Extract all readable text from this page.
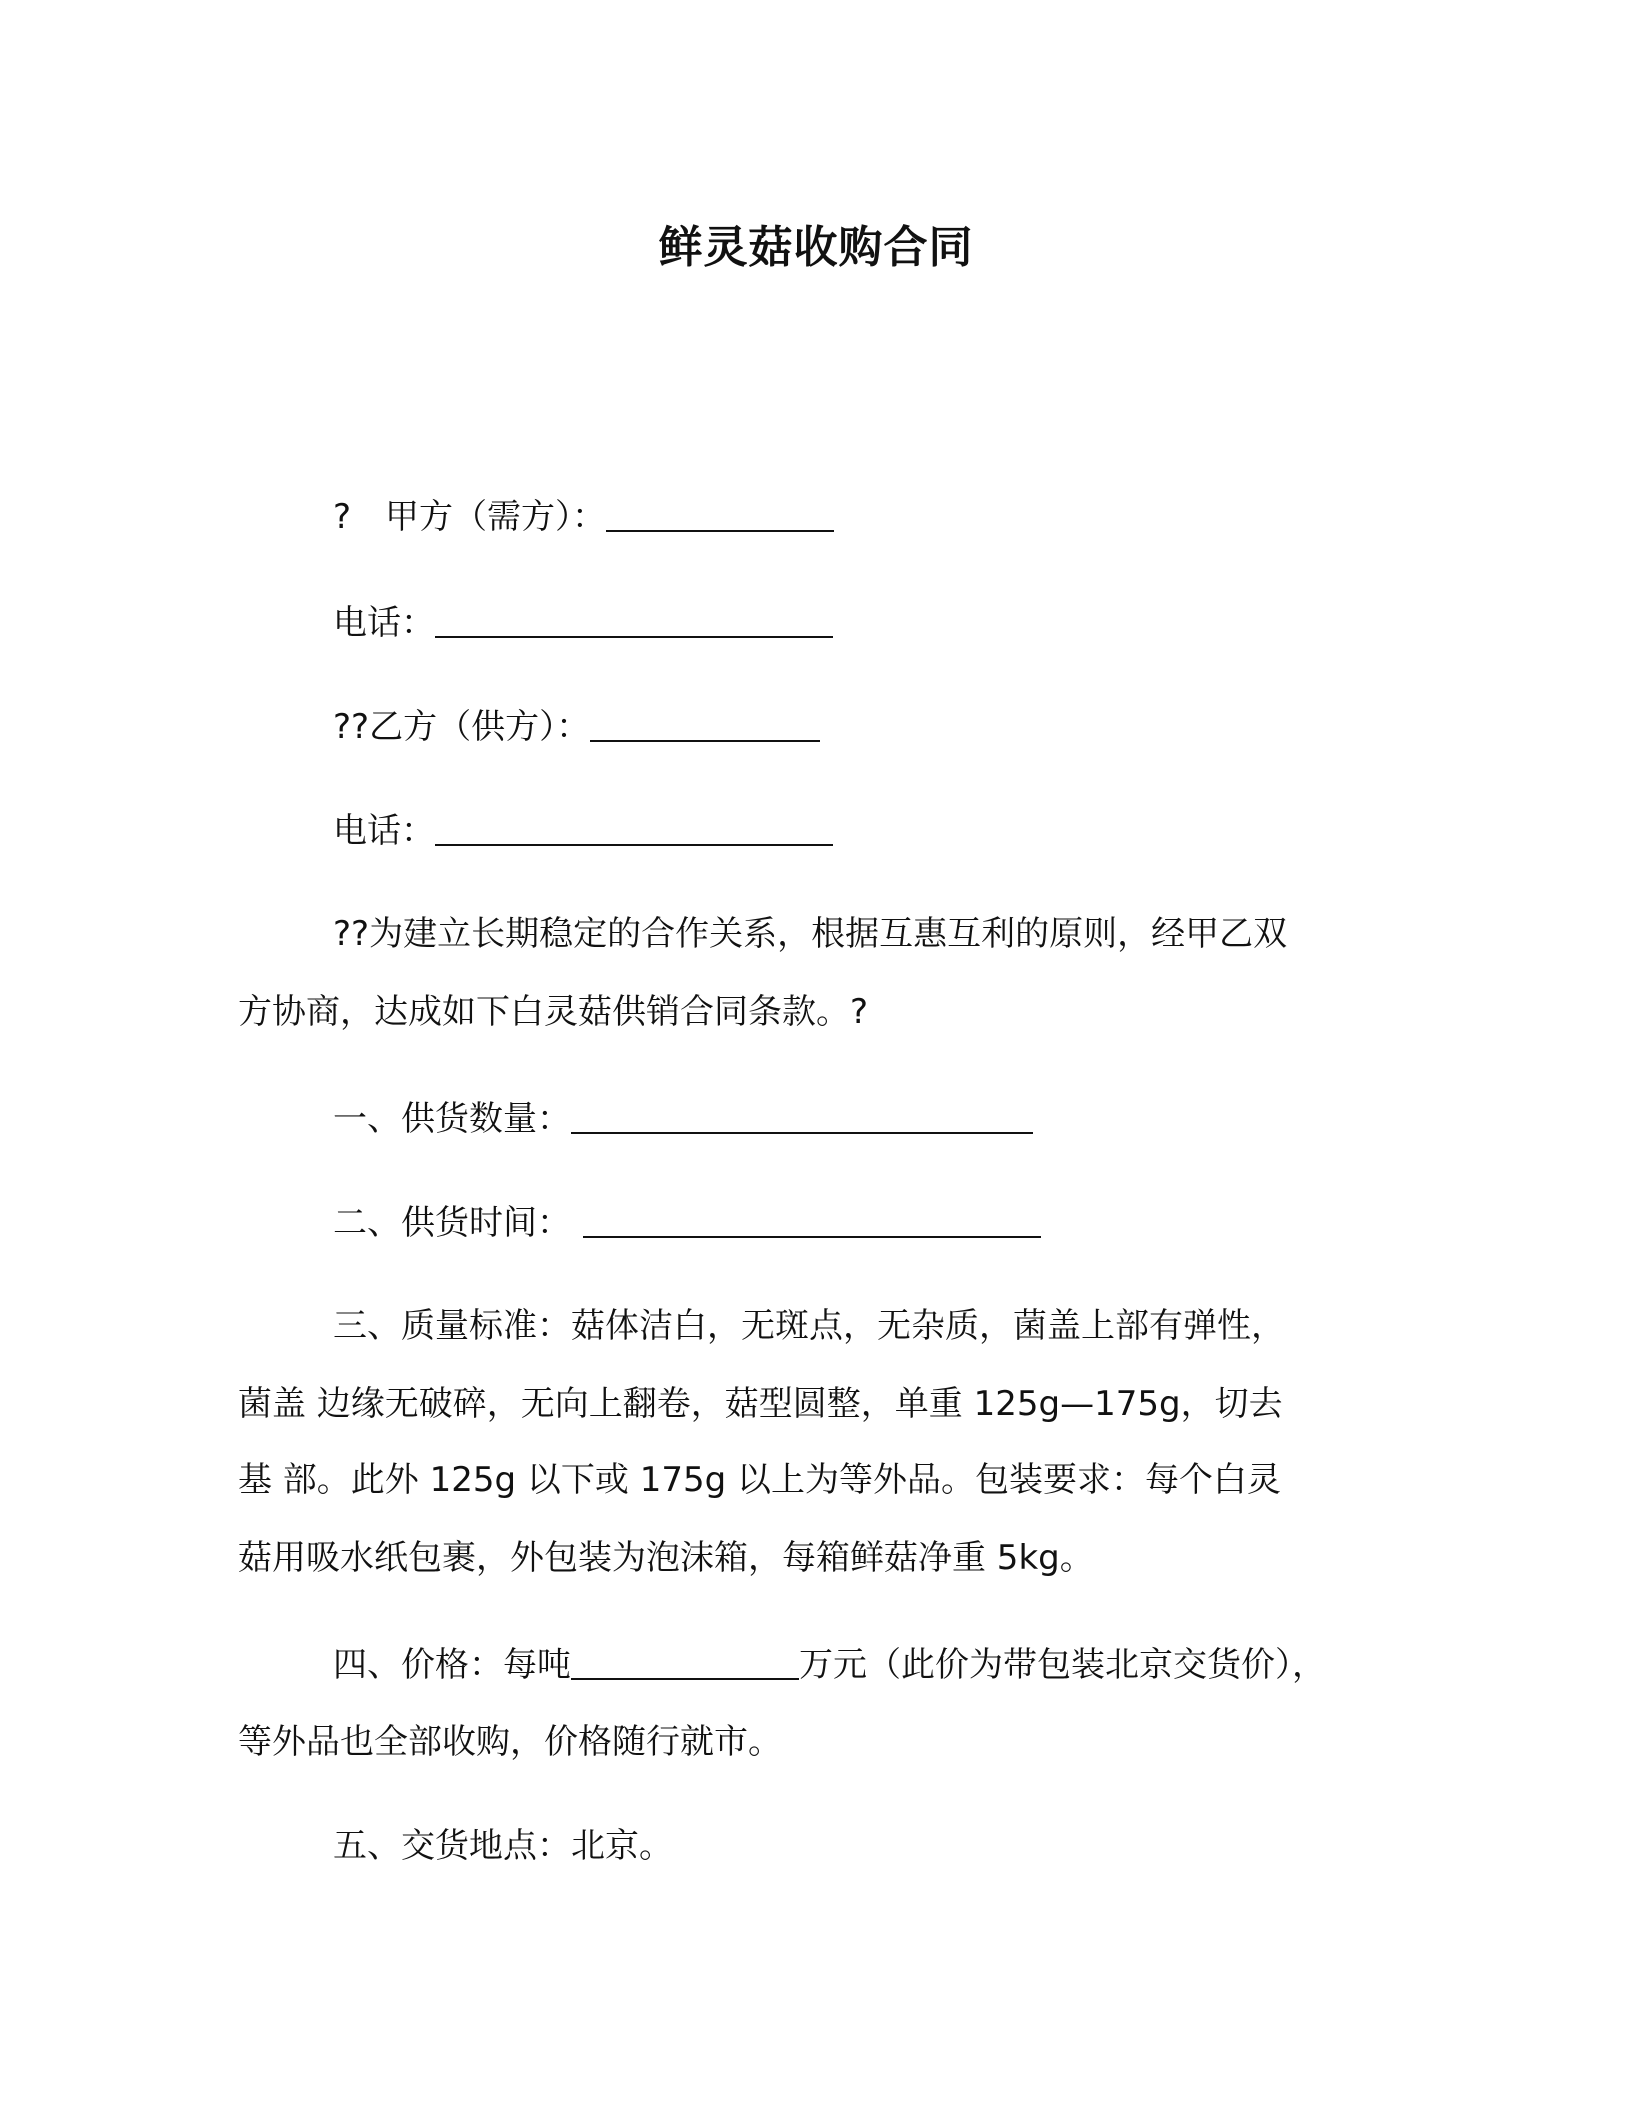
鲜灵菇收购合同
?　甲方（需方）：
电话：
??乙方（供方）：
电话：
??为建立长期稳定的合作关系，根据互惠互利的原则，经甲乙双
方协商，达成如下白灵菇供销合同条款。?
一、供货数量：
二、供货时间：
三、质量标准：菇体洁白，无斑点，无杂质，菌盖上部有弹性，
菌盖 边缘无破碎，无向上翻卷，菇型圆整，单重 125g—175g，切去
基 部。此外 125g 以下或 175g 以上为等外品。包装要求：每个白灵
菇用吸水纸包裹，外包装为泡沫箱，每箱鲜菇净重 5kg。
四、价格：每吨	万元（此价为带包装北京交货价），
等外品也全部收购，价格随行就市。
五、交货地点：北京。
